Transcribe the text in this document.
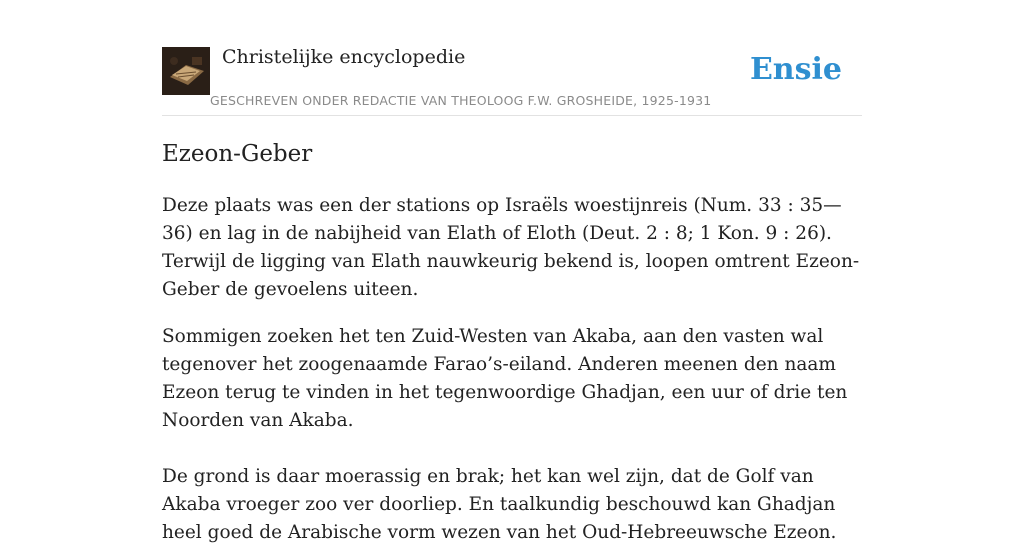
Christelijke encyclopedie
GESCHREVEN ONDER REDACTIE VAN THEOLOOG F.W. GROSHEIDE, 1925-1931
Ensie
Ezeon-Geber

Deze plaats was een der stations op Israëls woestijnreis (Num. 33 : 35— 36) en lag in de nabijheid van Elath of Eloth (Deut. 2 : 8; 1 Kon. 9 : 26). Terwijl de ligging van Elath nauwkeurig bekend is, loopen omtrent Ezeon-Geber de gevoelens uiteen.

Sommigen zoeken het ten Zuid-Westen van Akaba, aan den vasten wal tegenover het zoogenaamde Farao’s-eiland. Anderen meenen den naam Ezeon terug te vinden in het tegenwoordige Ghadjan, een uur of drie ten Noorden van Akaba.

De grond is daar moerassig en brak; het kan wel zijn, dat de Golf van Akaba vroeger zoo ver doorliep. En taalkundig beschouwd kan Ghadjan heel goed de Arabische vorm wezen van het Oud-Hebreeuwsche Ezeon.
